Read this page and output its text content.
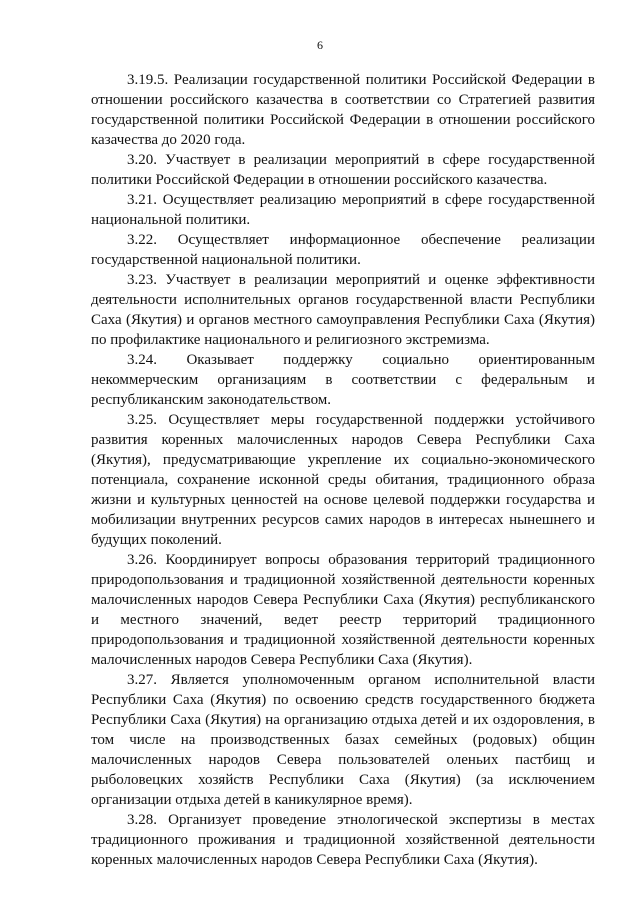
6

3.19.5. Реализации государственной политики Российской Федерации в отношении российского казачества в соответствии со Стратегией развития государственной политики Российской Федерации в отношении российского казачества до 2020 года.

3.20. Участвует в реализации мероприятий в сфере государственной политики Российской Федерации в отношении российского казачества.

3.21. Осуществляет реализацию мероприятий в сфере государственной национальной политики.

3.22. Осуществляет информационное обеспечение реализации

государственной национальной политики.

3.23. Участвует в реализации мероприятий и оценке эффективности деятельности исполнительных органов государственной власти Республики Саха (Якутия) и органов местного самоуправления Республики Саха (Якутия) по профилактике национального и религиозного экстремизма.

3.24. Оказывает поддержку социально ориентированным

некоммерческим организациям в соответствии с федеральным и

республиканским законодательством.

3.25. Осуществляет меры государственной поддержки устойчивого развития коренных малочисленных народов Севера Республики Саха (Якутия), предусматривающие укрепление их социально-экономического потенциала, сохранение исконной среды обитания, традиционного образа жизни и культурных ценностей на основе целевой поддержки государства и мобилизации внутренних ресурсов самих народов в интересах нынешнего и будущих поколений.

3.26. Координирует вопросы образования территорий традиционного природопользования и традиционной хозяйственной деятельности коренных малочисленных народов Севера Республики Саха (Якутия) республиканского и местного значений, ведет реестр территорий традиционного природопользования и традиционной хозяйственной деятельности коренных малочисленных народов Севера Республики Саха (Якутия).

3.27. Является уполномоченным органом исполнительной власти Республики Саха (Якутия) по освоению средств государственного бюджета Республики Саха (Якутия) на организацию отдыха детей и их оздоровления, в том числе на производственных базах семейных (родовых) общин малочисленных народов Севера пользователей оленьих пастбищ и рыболовецких хозяйств Республики Саха (Якутия) (за исключением организации отдыха детей в каникулярное время).

3.28. Организует проведение этнологической экспертизы в местах традиционного проживания и традиционной хозяйственной деятельности коренных малочисленных народов Севера Республики Саха (Якутия).
